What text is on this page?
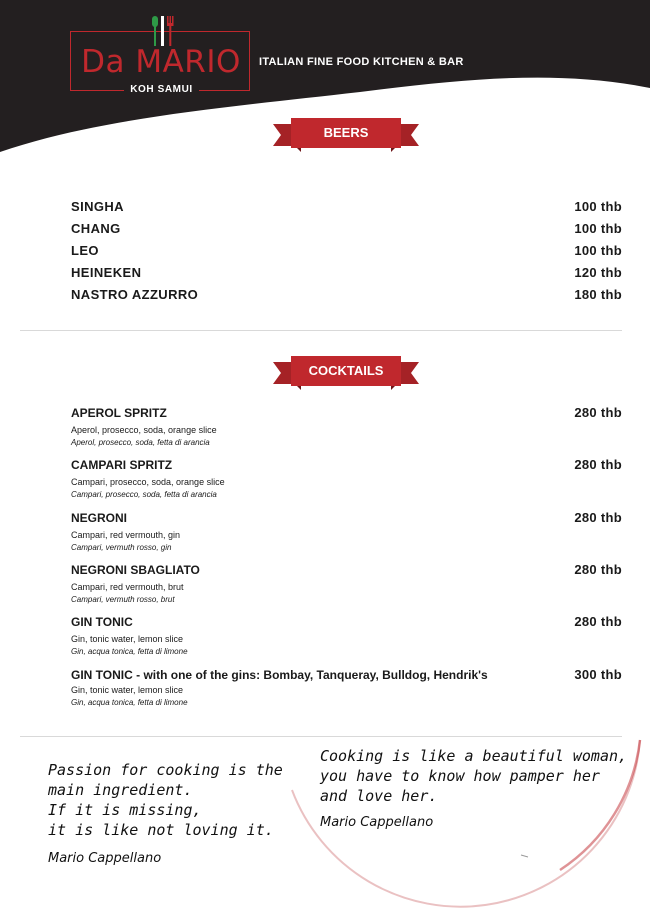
Da MARIO
KOH SAMUI
ITALIAN FINE FOOD KITCHEN & BAR
BEERS
SINGHA	100 thb
CHANG	100 thb
LEO	100 thb
HEINEKEN	120 thb
NASTRO AZZURRO	180 thb
COCKTAILS
APEROL SPRITZ	280 thb
Aperol, prosecco, soda, orange slice
Aperol, prosecco, soda, fetta di arancia
CAMPARI SPRITZ	280 thb
Campari, prosecco, soda, orange slice
Campari, prosecco, soda, fetta di arancia
NEGRONI	280 thb
Campari, red vermouth, gin
Campari, vermuth rosso, gin
NEGRONI SBAGLIATO	280 thb
Campari, red vermouth, brut
Campari, vermuth rosso, brut
GIN TONIC	280 thb
Gin, tonic water, lemon slice
Gin, acqua tonica, fetta di limone
GIN TONIC - with one of the gins: Bombay, Tanqueray, Bulldog, Hendrik's	300 thb
Gin, tonic water, lemon slice
Gin, acqua tonica, fetta di limone
Passion for cooking is the
main ingredient.
If it is missing,
it is like not loving it.
Mario Cappellano
Cooking is like a beautiful woman,
you have to know how pamper her
and love her.
Mario Cappellano
